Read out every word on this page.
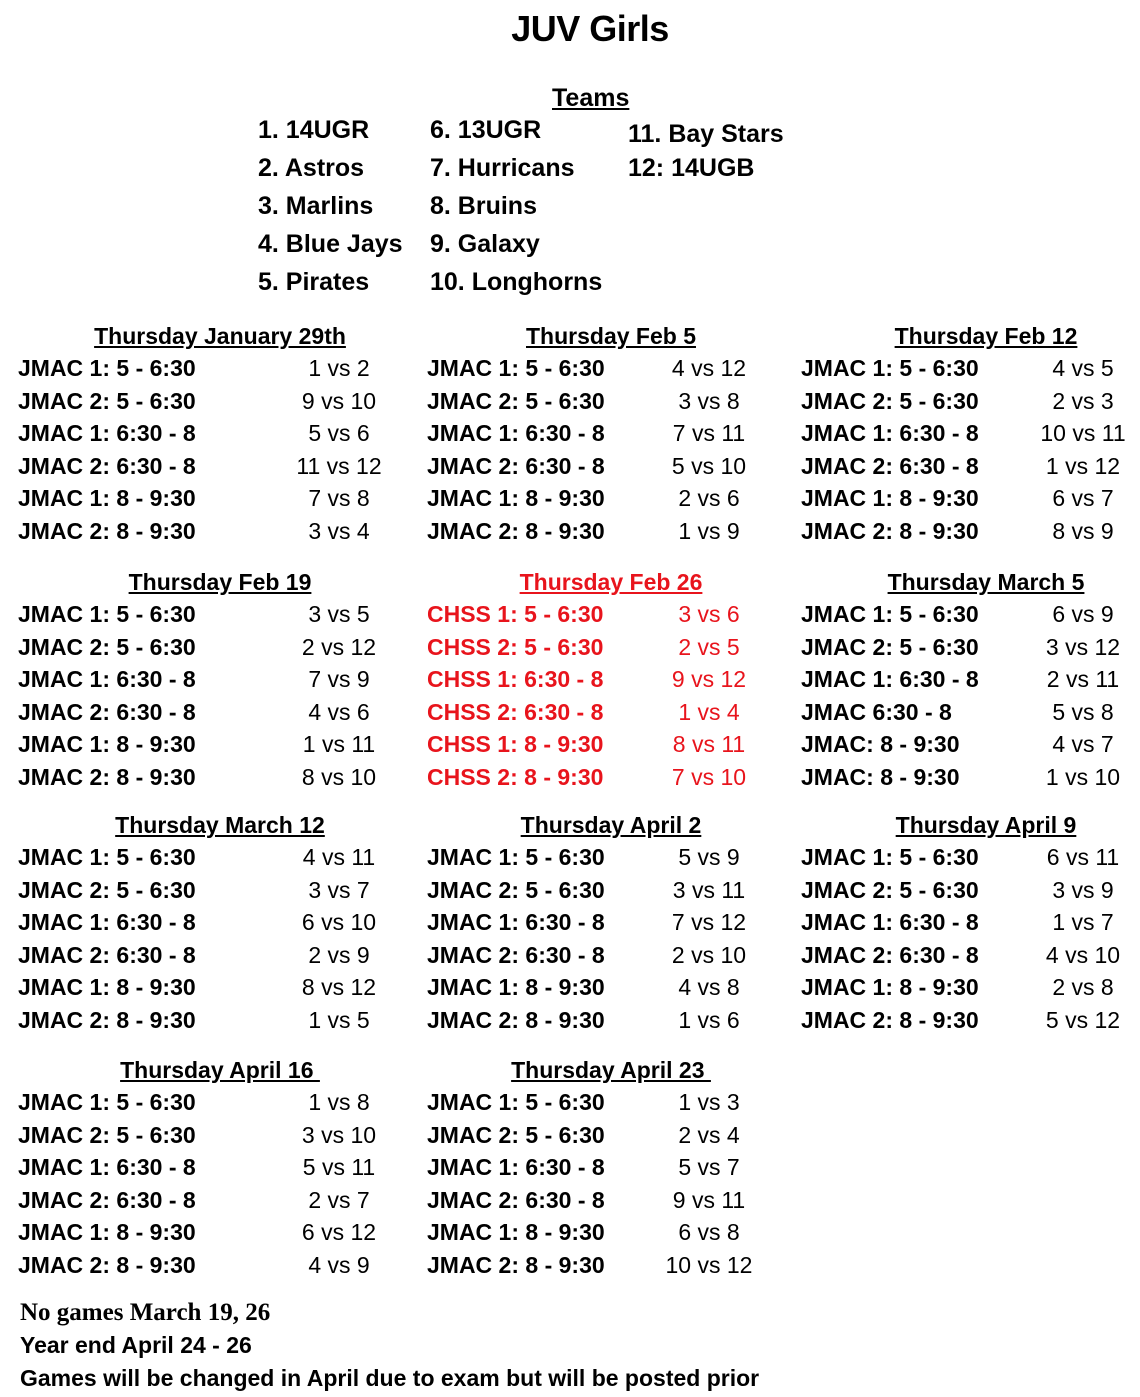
JUV Girls
Teams
1. 14UGR
2. Astros
3. Marlins
4. Blue Jays
5. Pirates
6. 13UGR
7. Hurricans
8. Bruins
9. Galaxy
10. Longhorns
11. Bay Stars
12: 14UGB
Thursday January 29th
JMAC 1: 5 - 6:30	1 vs 2
JMAC 2: 5 - 6:30	9 vs 10
JMAC 1: 6:30 - 8	5 vs 6
JMAC 2: 6:30 - 8	11 vs 12
JMAC 1: 8 - 9:30	7 vs 8
JMAC 2: 8 - 9:30	3 vs 4
Thursday Feb 5
JMAC 1: 5 - 6:30	4 vs 12
JMAC 2: 5 - 6:30	3 vs 8
JMAC 1: 6:30 - 8	7 vs 11
JMAC 2: 6:30 - 8	5 vs 10
JMAC 1: 8 - 9:30	2 vs 6
JMAC 2: 8 - 9:30	1 vs 9
Thursday Feb 12
JMAC 1: 5 - 6:30	4 vs 5
JMAC 2: 5 - 6:30	2 vs 3
JMAC 1: 6:30 - 8	10 vs 11
JMAC 2: 6:30 - 8	1 vs 12
JMAC 1: 8 - 9:30	6 vs 7
JMAC 2: 8 - 9:30	8 vs 9
Thursday Feb 19
JMAC 1: 5 - 6:30	3 vs 5
JMAC 2: 5 - 6:30	2 vs 12
JMAC 1: 6:30 - 8	7 vs 9
JMAC 2: 6:30 - 8	4 vs 6
JMAC 1: 8 - 9:30	1 vs 11
JMAC 2: 8 - 9:30	8 vs 10
Thursday Feb 26
CHSS 1: 5 - 6:30	3 vs 6
CHSS 2: 5 - 6:30	2 vs 5
CHSS 1: 6:30 - 8	9 vs 12
CHSS 2: 6:30 - 8	1 vs 4
CHSS 1: 8 - 9:30	8 vs 11
CHSS 2: 8 - 9:30	7 vs 10
Thursday March 5
JMAC 1: 5 - 6:30	6 vs 9
JMAC 2: 5 - 6:30	3 vs 12
JMAC 1: 6:30 - 8	2 vs 11
JMAC 6:30 - 8	5 vs 8
JMAC: 8 - 9:30	4 vs 7
JMAC: 8 - 9:30	1 vs 10
Thursday March 12
JMAC 1: 5 - 6:30	4 vs 11
JMAC 2: 5 - 6:30	3 vs 7
JMAC 1: 6:30 - 8	6 vs 10
JMAC 2: 6:30 - 8	2 vs 9
JMAC 1: 8 - 9:30	8 vs 12
JMAC 2: 8 - 9:30	1 vs 5
Thursday April 2
JMAC 1: 5 - 6:30	5 vs 9
JMAC 2: 5 - 6:30	3 vs 11
JMAC 1: 6:30 - 8	7 vs 12
JMAC 2: 6:30 - 8	2 vs 10
JMAC 1: 8 - 9:30	4 vs 8
JMAC 2: 8 - 9:30	1 vs 6
Thursday April 9
JMAC 1: 5 - 6:30	6 vs 11
JMAC 2: 5 - 6:30	3 vs 9
JMAC 1: 6:30 - 8	1 vs 7
JMAC 2: 6:30 - 8	4 vs 10
JMAC 1: 8 - 9:30	2 vs 8
JMAC 2: 8 - 9:30	5 vs 12
Thursday April 16
JMAC 1: 5 - 6:30	1 vs 8
JMAC 2: 5 - 6:30	3 vs 10
JMAC 1: 6:30 - 8	5 vs 11
JMAC 2: 6:30 - 8	2 vs 7
JMAC 1: 8 - 9:30	6 vs 12
JMAC 2: 8 - 9:30	4 vs 9
Thursday April 23
JMAC 1: 5 - 6:30	1 vs 3
JMAC 2: 5 - 6:30	2 vs 4
JMAC 1: 6:30 - 8	5 vs 7
JMAC 2: 6:30 - 8	9 vs 11
JMAC 1: 8 - 9:30	6 vs 8
JMAC 2: 8 - 9:30	10 vs 12
No games March 19, 26
Year end April 24 - 26
Games will be changed in April due to exam but will be posted prior
